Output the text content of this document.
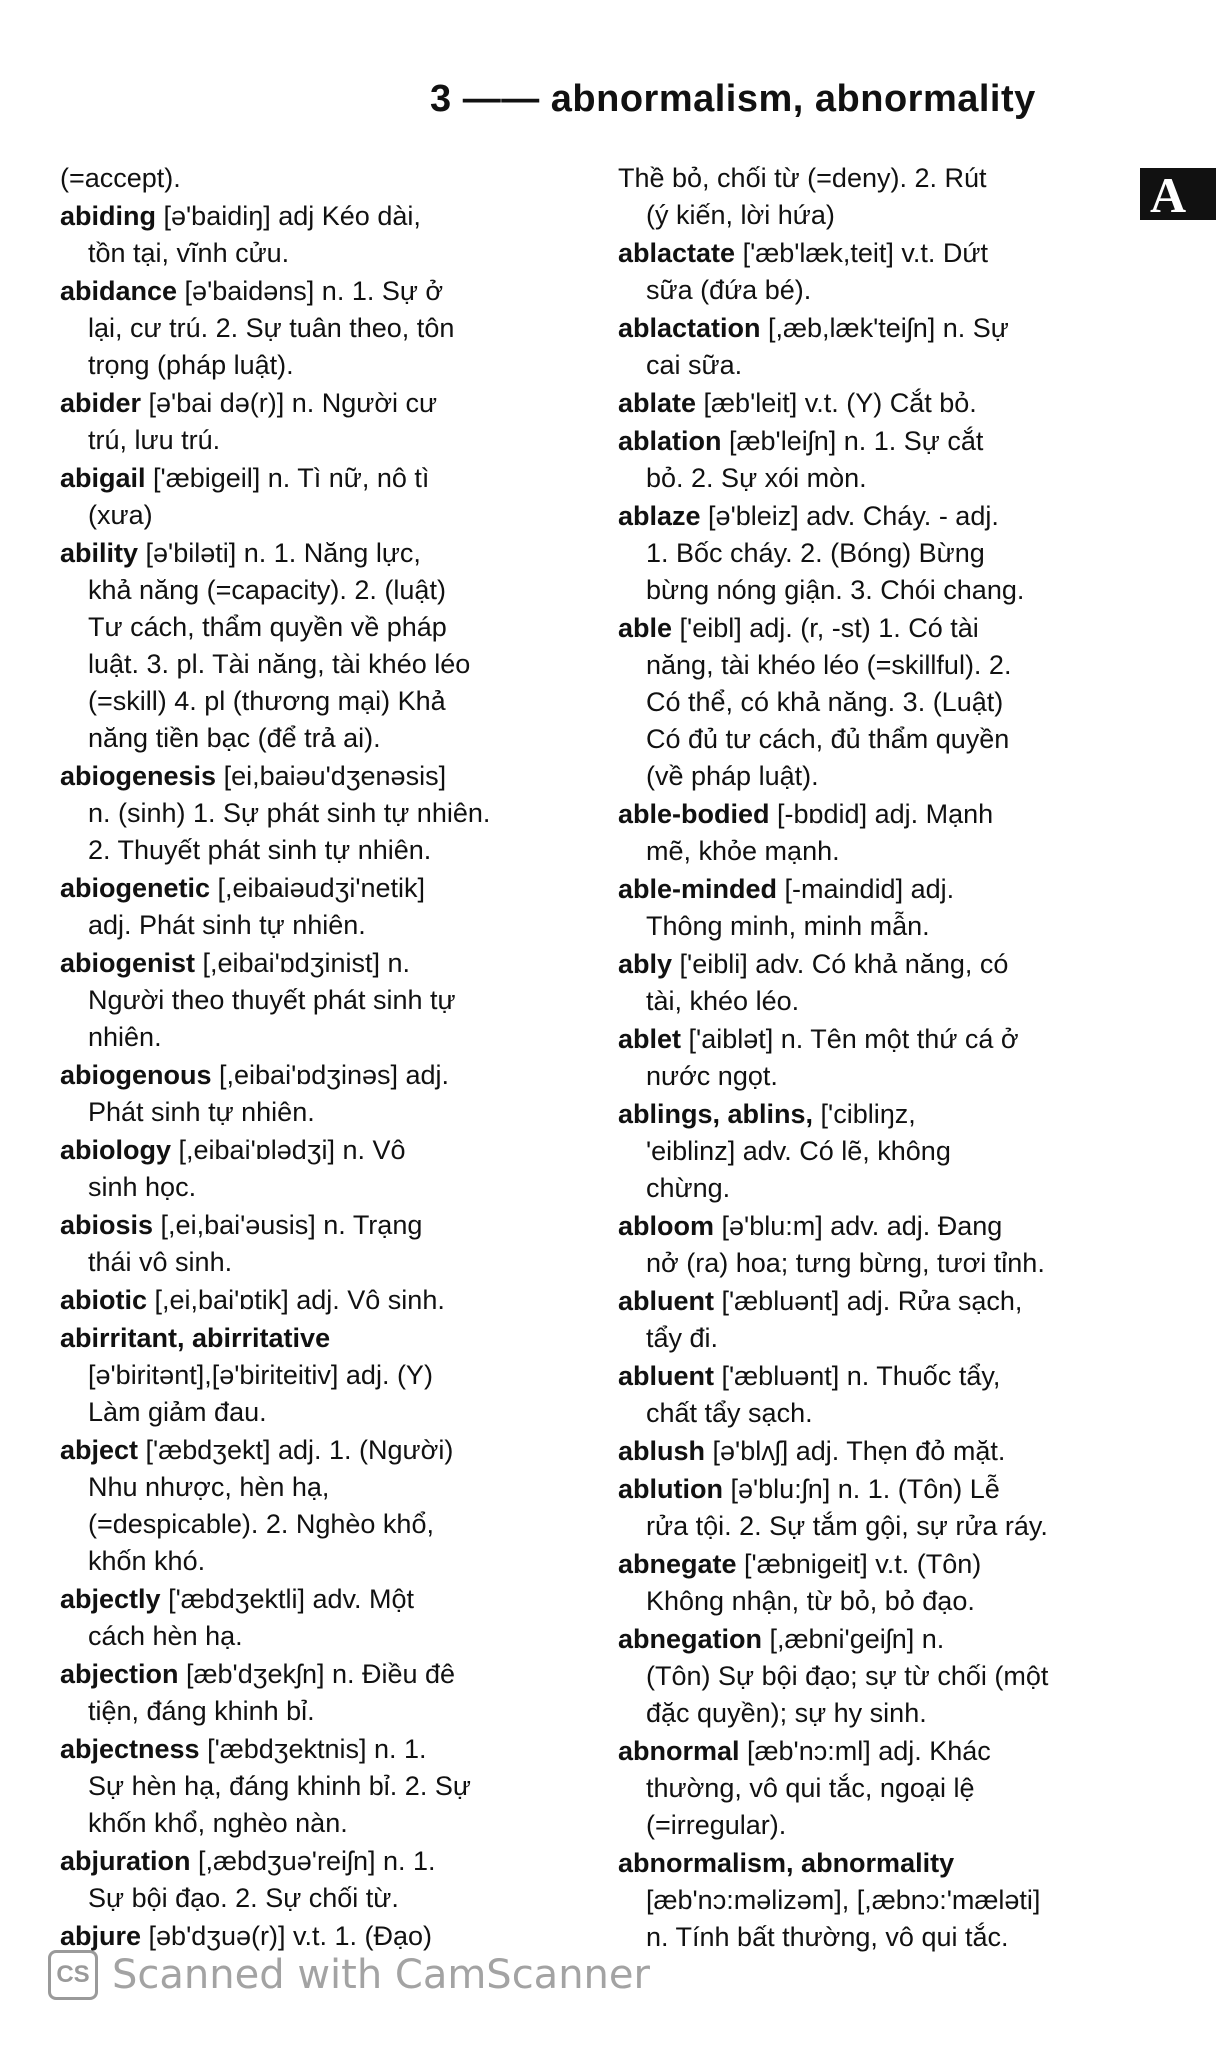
3 —— abnormalism, abnormality
A
(=accept).
abiding [ə'baidiŋ] adj Kéo dài,
tồn tại, vĩnh cửu.
abidance [ə'baidəns] n. 1. Sự ở
lại, cư trú. 2. Sự tuân theo, tôn
trọng (pháp luật).
abider [ə'bai də(r)] n. Người cư
trú, lưu trú.
abigail ['æbigeil] n. Tì nữ, nô tì
(xưa)
ability [ə'biləti] n. 1. Năng lực,
khả năng (=capacity). 2. (luật)
Tư cách, thẩm quyền về pháp
luật. 3. pl. Tài năng, tài khéo léo
(=skill) 4. pl (thương mại) Khả
năng tiền bạc (để trả ai).
abiogenesis [ei,baiəu'dʒenəsis]
n. (sinh) 1. Sự phát sinh tự nhiên.
2. Thuyết phát sinh tự nhiên.
abiogenetic [,eibaiəudʒi'netik]
adj. Phát sinh tự nhiên.
abiogenist [,eibai'ɒdʒinist] n.
Người theo thuyết phát sinh tự
nhiên.
abiogenous [,eibai'ɒdʒinəs] adj.
Phát sinh tự nhiên.
abiology [,eibai'ɒlədʒi] n. Vô
sinh học.
abiosis [,ei,bai'əusis] n. Trạng
thái vô sinh.
abiotic [,ei,bai'ɒtik] adj. Vô sinh.
abirritant, abirritative
[ə'biritənt],[ə'biriteitiv] adj. (Y)
Làm giảm đau.
abject ['æbdʒekt] adj. 1. (Người)
Nhu nhược, hèn hạ,
(=despicable). 2. Nghèo khổ,
khốn khó.
abjectly ['æbdʒektli] adv. Một
cách hèn hạ.
abjection [æb'dʒekʃn] n. Điều đê
tiện, đáng khinh bỉ.
abjectness ['æbdʒektnis] n. 1.
Sự hèn hạ, đáng khinh bỉ. 2. Sự
khốn khổ, nghèo nàn.
abjuration [,æbdʒuə'reiʃn] n. 1.
Sự bội đạo. 2. Sự chối từ.
abjure [əb'dʒuə(r)] v.t. 1. (Đạo)
Thề bỏ, chối từ (=deny). 2. Rút
(ý kiến, lời hứa)
ablactate ['æb'læk,teit] v.t. Dứt
sữa (đứa bé).
ablactation [,æb,læk'teiʃn] n. Sự
cai sữa.
ablate [æb'leit] v.t. (Y) Cắt bỏ.
ablation [æb'leiʃn] n. 1. Sự cắt
bỏ. 2. Sự xói mòn.
ablaze [ə'bleiz] adv. Cháy. - adj.
1. Bốc cháy. 2. (Bóng) Bừng
bừng nóng giận. 3. Chói chang.
able ['eibl] adj. (r, -st) 1. Có tài
năng, tài khéo léo (=skillful). 2.
Có thể, có khả năng. 3. (Luật)
Có đủ tư cách, đủ thẩm quyền
(về pháp luật).
able-bodied [-bɒdid] adj. Mạnh
mẽ, khỏe mạnh.
able-minded [-maindid] adj.
Thông minh, minh mẫn.
ably ['eibli] adv. Có khả năng, có
tài, khéo léo.
ablet ['aiblət] n. Tên một thứ cá ở
nước ngọt.
ablings, ablins, ['cibliŋz,
'eiblinz] adv. Có lẽ, không
chừng.
abloom [ə'blu:m] adv. adj. Đang
nở (ra) hoa; tưng bừng, tươi tỉnh.
abluent ['æbluənt] adj. Rửa sạch,
tẩy đi.
abluent ['æbluənt] n. Thuốc tẩy,
chất tẩy sạch.
ablush [ə'blʌʃ] adj. Thẹn đỏ mặt.
ablution [ə'blu:ʃn] n. 1. (Tôn) Lễ
rửa tội. 2. Sự tắm gội, sự rửa ráy.
abnegate ['æbnigeit] v.t. (Tôn)
Không nhận, từ bỏ, bỏ đạo.
abnegation [,æbni'geiʃn] n.
(Tôn) Sự bội đạo; sự từ chối (một
đặc quyền); sự hy sinh.
abnormal [æb'nɔ:ml] adj. Khác
thường, vô qui tắc, ngoại lệ
(=irregular).
abnormalism, abnormality
[æb'nɔ:məlizəm], [,æbnɔ:'mæləti]
n. Tính bất thường, vô qui tắc.
CS Scanned with CamScanner
